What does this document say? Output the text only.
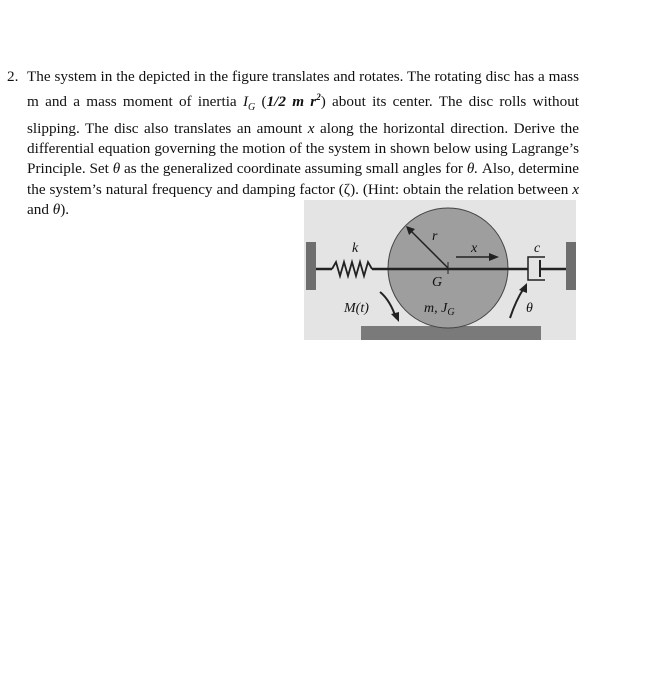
2. The system in the depicted in the figure translates and rotates. The rotating disc has a mass m and a mass moment of inertia $I_G$ (1/2 m $r^2$) about its center. The disc rolls without slipping. The disc also translates an amount x along the horizontal direction. Derive the differential equation governing the motion of the system in shown below using Lagrange’s Principle. Set θ as the generalized coordinate assuming small angles for θ. Also, determine the system’s natural frequency and damping factor (ζ). (Hint: obtain the relation between x and θ).
k
r
x	c
G
M(t)	m, $J_G$	θ
